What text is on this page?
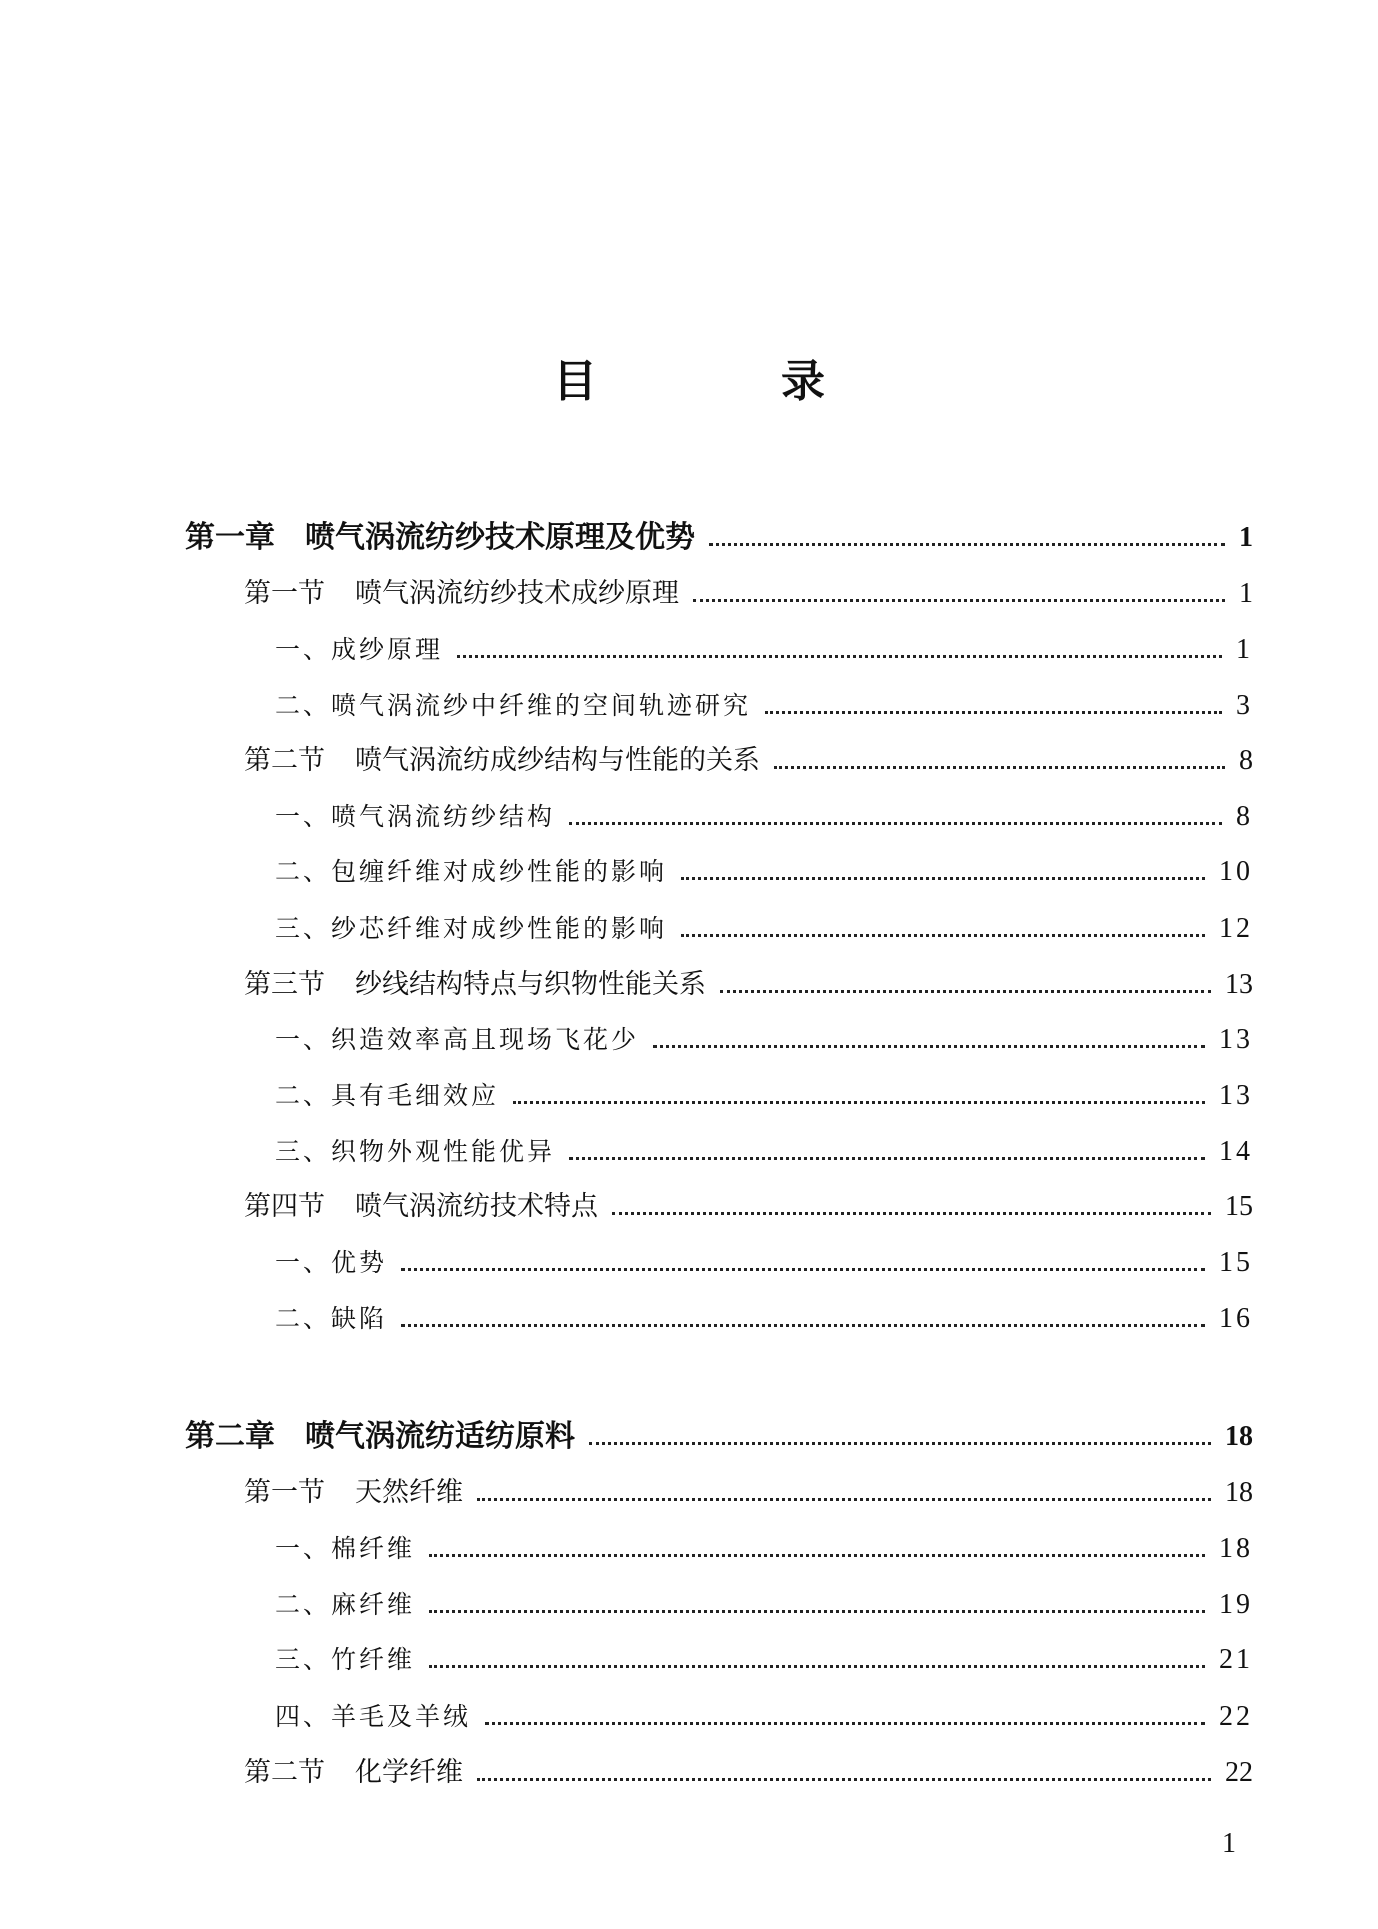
目　录
第一章 喷气涡流纺纱技术原理及优势	1
第一节 喷气涡流纺纱技术成纱原理	1
一、成纱原理	1
二、喷气涡流纱中纤维的空间轨迹研究	3
第二节 喷气涡流纺成纱结构与性能的关系	8
一、喷气涡流纺纱结构	8
二、包缠纤维对成纱性能的影响	10
三、纱芯纤维对成纱性能的影响	12
第三节 纱线结构特点与织物性能关系	13
一、织造效率高且现场飞花少	13
二、具有毛细效应	13
三、织物外观性能优异	14
第四节 喷气涡流纺技术特点	15
一、优势	15
二、缺陷	16
第二章 喷气涡流纺适纺原料	18
第一节 天然纤维	18
一、棉纤维	18
二、麻纤维	19
三、竹纤维	21
四、羊毛及羊绒	22
第二节 化学纤维	22
1
